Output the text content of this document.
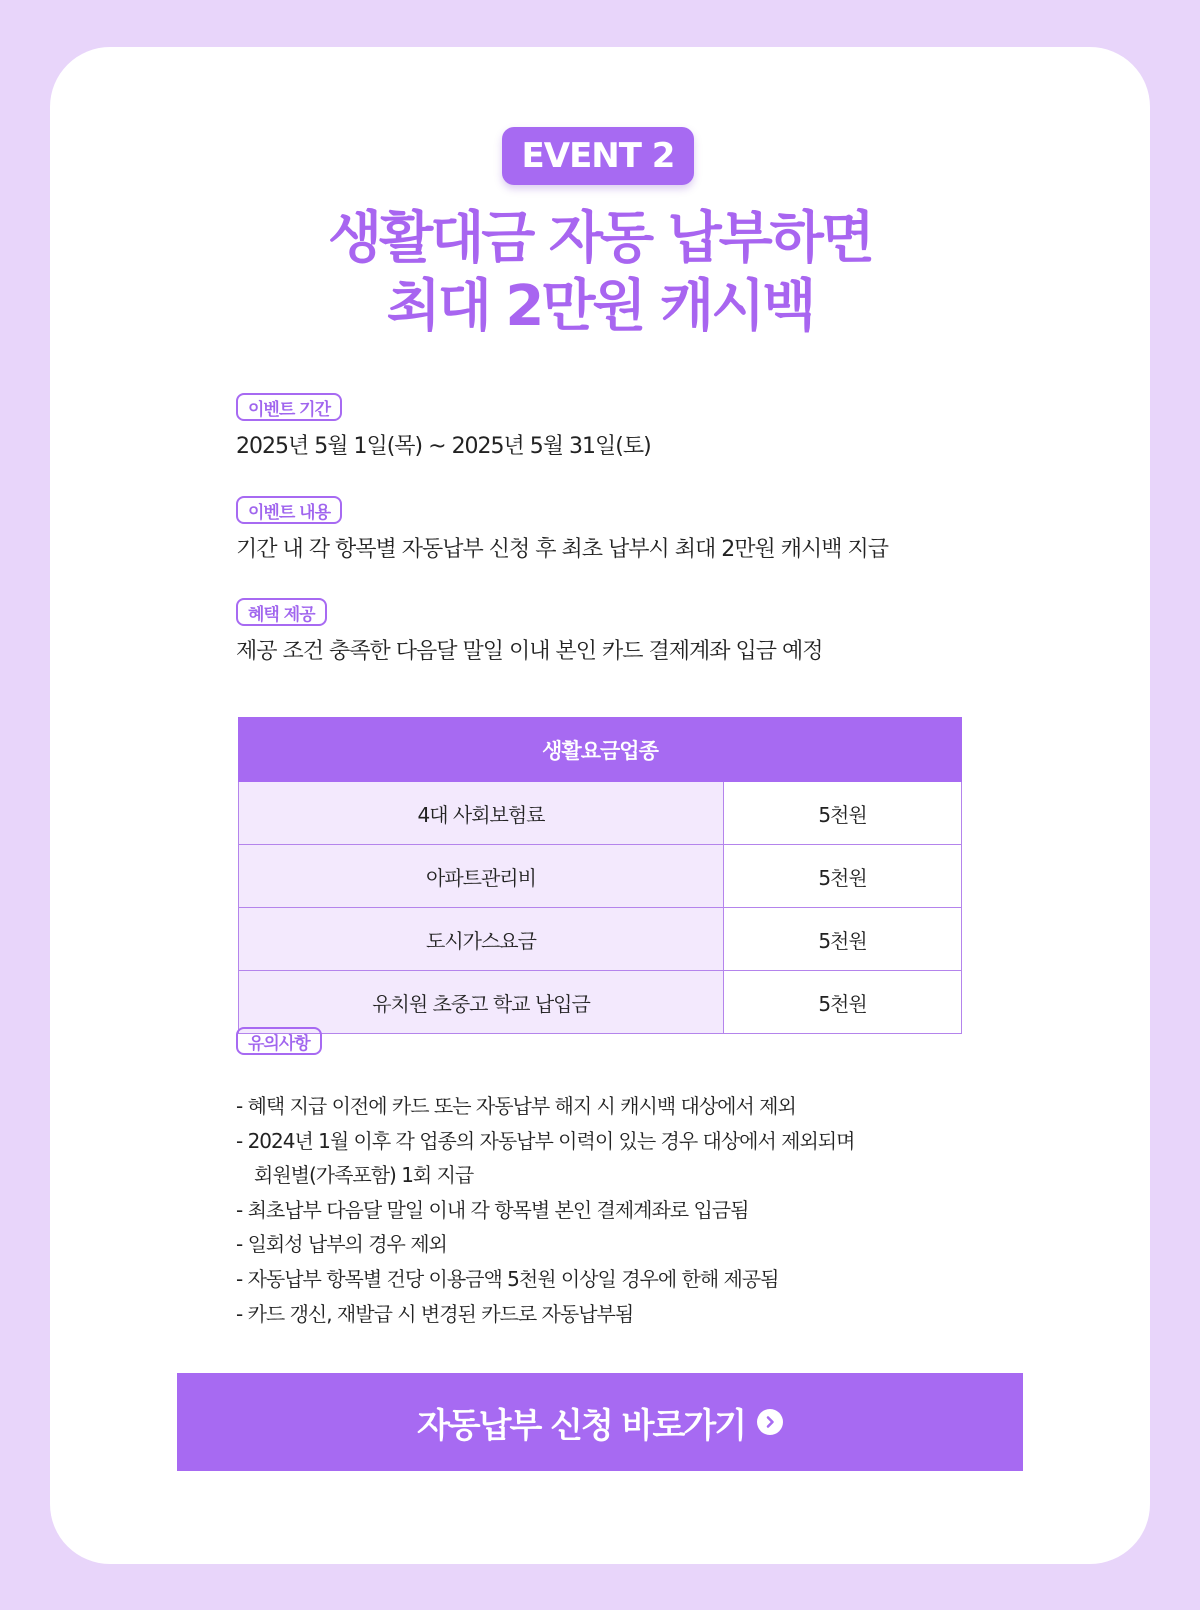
EVENT 2
생활대금 자동 납부하면
최대 2만원 캐시백
이벤트 기간
2025년 5월 1일(목) ~ 2025년 5월 31일(토)
이벤트 내용
기간 내 각 항목별 자동납부 신청 후 최초 납부시 최대 2만원 캐시백 지급
혜택 제공
제공 조건 충족한 다음달 말일 이내 본인 카드 결제계좌 입금 예정
생활요금업종	
4대 사회보험료	5천원
아파트관리비	5천원
도시가스요금	5천원
유치원 초중고 학교 납입금	5천원
유의사항
- 혜택 지급 이전에 카드 또는 자동납부 해지 시 캐시백 대상에서 제외
- 2024년 1월 이후 각 업종의 자동납부 이력이 있는 경우 대상에서 제외되며
회원별(가족포함) 1회 지급
- 최초납부 다음달 말일 이내 각 항목별 본인 결제계좌로 입금됨
- 일회성 납부의 경우 제외
- 자동납부 항목별 건당 이용금액 5천원 이상일 경우에 한해 제공됨
- 카드 갱신, 재발급 시 변경된 카드로 자동납부됨
자동납부 신청 바로가기
